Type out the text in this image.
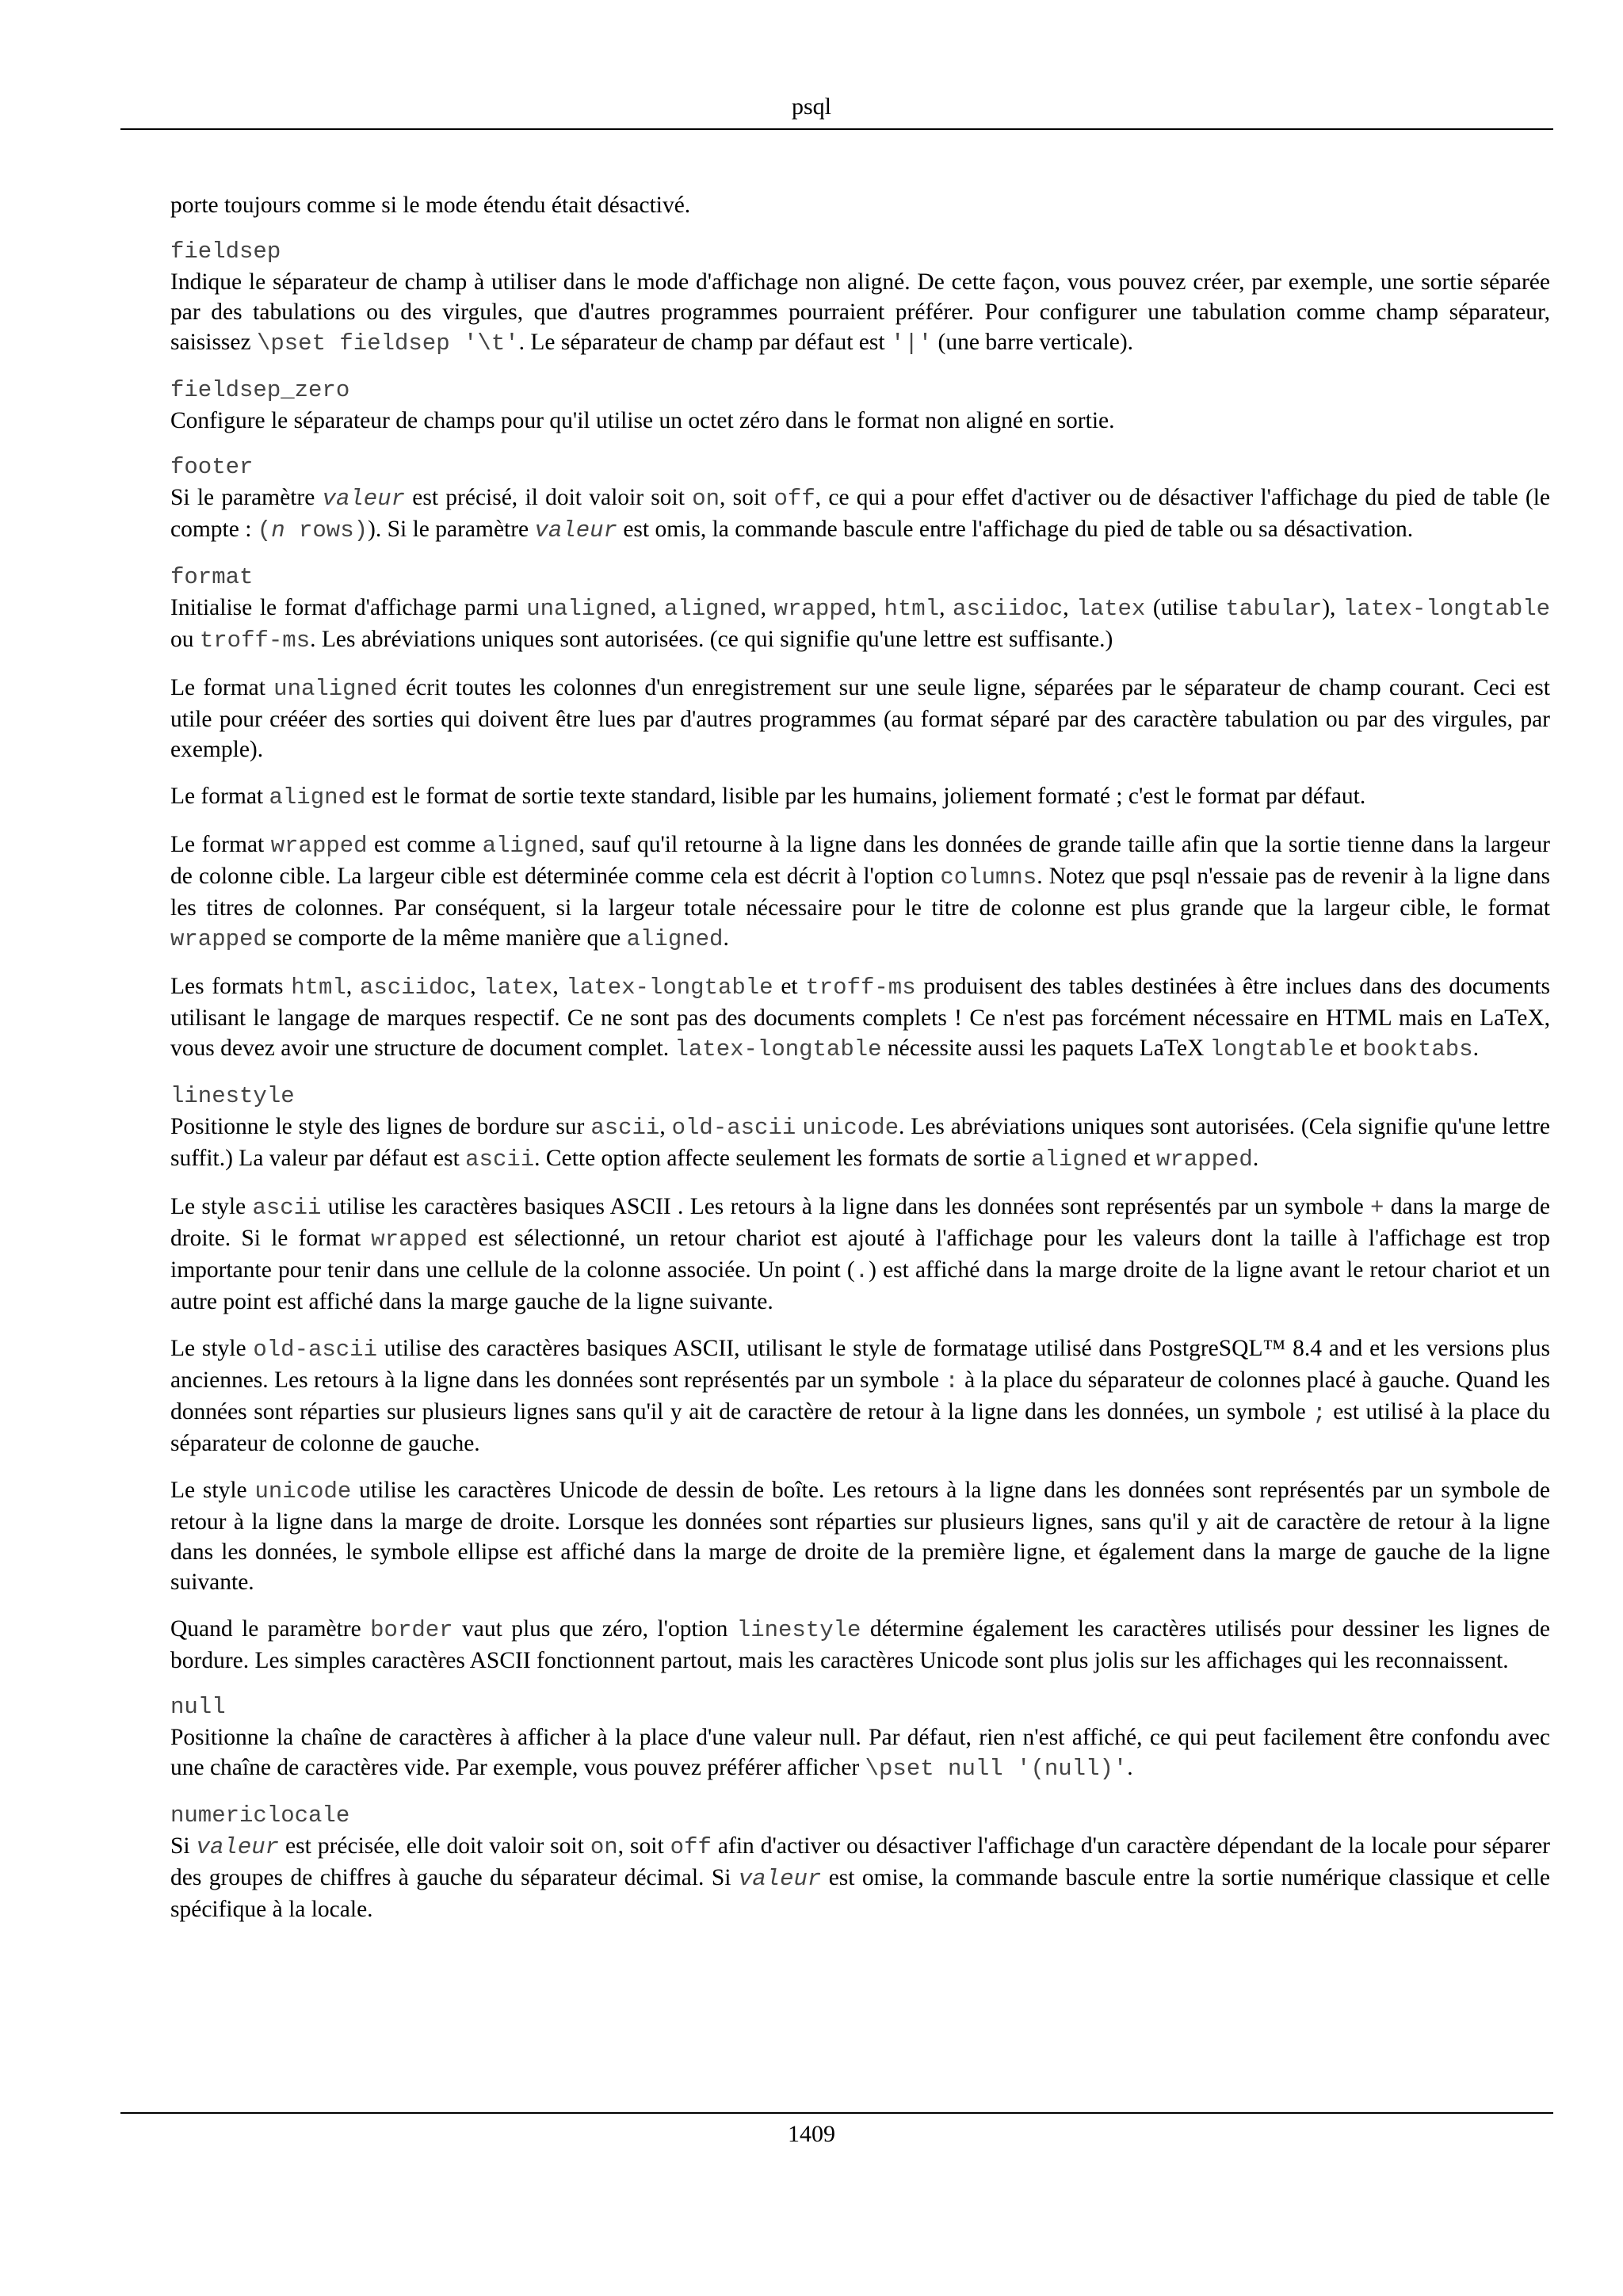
psql

porte toujours comme si le mode étendu était désactivé.

fieldsep
Indique le séparateur de champ à utiliser dans le mode d'affichage non aligné. De cette façon, vous pouvez créer, par exemple, une sortie séparée par des tabulations ou des virgules, que d'autres programmes pourraient préférer. Pour configurer une tabulation comme champ séparateur, saisissez \pset fieldsep '\t'. Le séparateur de champ par défaut est '|' (une barre verticale).
fieldsep_zero
Configure le séparateur de champs pour qu'il utilise un octet zéro dans le format non aligné en sortie.
footer
Si le paramètre valeur est précisé, il doit valoir soit on, soit off, ce qui a pour effet d'activer ou de désactiver l'affichage du pied de table (le compte : (n rows)). Si le paramètre valeur est omis, la commande bascule entre l'affichage du pied de table ou sa désactivation.
format
Initialise le format d'affichage parmi unaligned, aligned, wrapped, html, asciidoc, latex (utilise tabular), latex-longtable ou troff-ms. Les abréviations uniques sont autorisées. (ce qui signifie qu'une lettre est suffisante.)

Le format unaligned écrit toutes les colonnes d'un enregistrement sur une seule ligne, séparées par le séparateur de champ courant. Ceci est utile pour crééer des sorties qui doivent être lues par d'autres programmes (au format séparé par des caractère tabulation ou par des virgules, par exemple).

Le format aligned est le format de sortie texte standard, lisible par les humains, joliement formaté ; c'est le format par défaut.

Le format wrapped est comme aligned, sauf qu'il retourne à la ligne dans les données de grande taille afin que la sortie tienne dans la largeur de colonne cible. La largeur cible est déterminée comme cela est décrit à l'option columns. Notez que psql n'essaie pas de revenir à la ligne dans les titres de colonnes. Par conséquent, si la largeur totale nécessaire pour le titre de colonne est plus grande que la largeur cible, le format wrapped se comporte de la même manière que aligned.

Les formats html, asciidoc, latex, latex-longtable et troff-ms produisent des tables destinées à être inclues dans des documents utilisant le langage de marques respectif. Ce ne sont pas des documents complets ! Ce n'est pas forcément nécessaire en HTML mais en LaTeX, vous devez avoir une structure de document complet. latex-longtable nécessite aussi les paquets LaTeX longtable et booktabs.

linestyle
Positionne le style des lignes de bordure sur ascii, old-ascii unicode. Les abréviations uniques sont autorisées. (Cela signifie qu'une lettre suffit.) La valeur par défaut est ascii. Cette option affecte seulement les formats de sortie aligned et wrapped.

Le style ascii utilise les caractères basiques ASCII . Les retours à la ligne dans les données sont représentés par un symbole + dans la marge de droite. Si le format wrapped est sélectionné, un retour chariot est ajouté à l'affichage pour les valeurs dont la taille à l'affichage est trop importante pour tenir dans une cellule de la colonne associée. Un point (.) est affiché dans la marge droite de la ligne avant le retour chariot et un autre point est affiché dans la marge gauche de la ligne suivante.

Le style old-ascii utilise des caractères basiques ASCII, utilisant le style de formatage utilisé dans PostgreSQL™ 8.4 and et les versions plus anciennes. Les retours à la ligne dans les données sont représentés par un symbole : à la place du séparateur de colonnes placé à gauche. Quand les données sont réparties sur plusieurs lignes sans qu'il y ait de caractère de retour à la ligne dans les données, un symbole ; est utilisé à la place du séparateur de colonne de gauche.

Le style unicode utilise les caractères Unicode de dessin de boîte. Les retours à la ligne dans les données sont représentés par un symbole de retour à la ligne dans la marge de droite. Lorsque les données sont réparties sur plusieurs lignes, sans qu'il y ait de caractère de retour à la ligne dans les données, le symbole ellipse est affiché dans la marge de droite de la première ligne, et également dans la marge de gauche de la ligne suivante.

Quand le paramètre border vaut plus que zéro, l'option linestyle détermine également les caractères utilisés pour dessiner les lignes de bordure. Les simples caractères ASCII fonctionnent partout, mais les caractères Unicode sont plus jolis sur les affichages qui les reconnaissent.

null
Positionne la chaîne de caractères à afficher à la place d'une valeur null. Par défaut, rien n'est affiché, ce qui peut facilement être confondu avec une chaîne de caractères vide. Par exemple, vous pouvez préférer afficher \pset null '(null)'.
numericlocale
Si valeur est précisée, elle doit valoir soit on, soit off afin d'activer ou désactiver l'affichage d'un caractère dépendant de la locale pour séparer des groupes de chiffres à gauche du séparateur décimal. Si valeur est omise, la commande bascule entre la sortie numérique classique et celle spécifique à la locale.
1409
